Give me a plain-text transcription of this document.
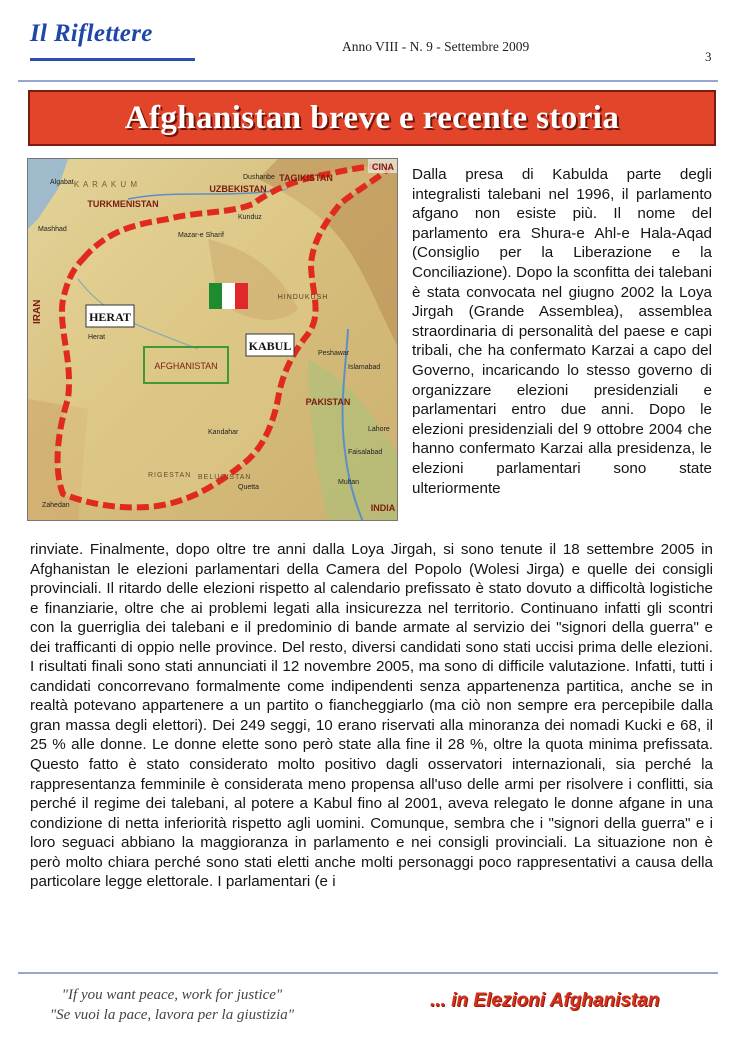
Il Riflettere	Anno VIII - N. 9 - Settembre 2009
3
Afghanistan breve e recente storia
HERAT
KABUL
AFGHANISTAN
CINA
TAGIKISTAN
UZBEKISTAN
TURKMENISTAN
K A R A K U M
Algabat
Mashhad
IRAN
PAKISTAN
INDIA
HINDUKUSH
Lahore
Kandahar
Zahedan
Faisalabad
Multan
Dushanbe
Islamabad
Peshawar
Quetta
RIGESTAN BELUCISTAN
Kunduz
Herat
Mazar-e Sharif

Dalla presa di Kabulda parte degli integralisti talebani nel 1996, il parlamento afgano non esiste più. Il nome del parlamento era Shura-e Ahl-e Hala-Aqad (Consiglio per la Liberazione e la Conciliazione). Dopo la sconfitta dei talebani è stata convocata nel giugno 2002 la Loya Jirgah (Grande Assemblea), assemblea straordinaria di personalità del paese e capi tribali, che ha confermato Karzai a capo del Governo, incaricando lo stesso governo di organizzare elezioni presidenziali e parlamentari entro due anni. Dopo le elezioni presidenziali del 9 ottobre 2004 che hanno confermato Karzai alla presidenza, le elezioni parlamentari sono state ulteriormente

rinviate. Finalmente, dopo oltre tre anni dalla Loya Jirgah, si sono tenute il 18 settembre 2005 in Afghanistan le elezioni parlamentari della Camera del Popolo (Wolesi Jirga) e quelle dei consigli provinciali. Il ritardo delle elezioni rispetto al calendario prefissato è stato dovuto a difficoltà logistiche e finanziarie, oltre che ai problemi legati alla insicurezza nel territorio. Continuano infatti gli scontri con la guerriglia dei talebani e il predominio di bande armate al servizio dei "signori della guerra" e dei trafficanti di oppio nelle province. Del resto, diversi candidati sono stati uccisi prima delle elezioni. I risultati finali sono stati annunciati il 12 novembre 2005, ma sono di difficile valutazione. Infatti, tutti i candidati concorrevano formalmente come indipendenti senza appartenenza partitica, anche se in realtà potevano appartenere a un partito o fiancheggiarlo (ma ciò non sempre era percepibile dalla gran massa degli elettori). Dei 249 seggi, 10 erano riservati alla minoranza dei nomadi Kucki e 68, il 25 % alle donne. Le donne elette sono però state alla fine il 28 %, oltre la quota minima prefissata. Questo fatto è stato considerato molto positivo dagli osservatori internazionali, sia perché la rappresentanza femminile è considerata meno propensa all'uso delle armi per risolvere i conflitti, sia perché il regime dei talebani, al potere a Kabul fino al 2001, aveva relegato le donne afgane in una condizione di netta inferiorità rispetto agli uomini. Comunque, sembra che i "signori della guerra" e i loro seguaci abbiano la maggioranza in parlamento e nei consigli provinciali. La situazione non è però molto chiara perché sono stati eletti anche molti personaggi poco rappresentativi a causa della particolare legge elettorale. I parlamentari (e i

"If you want peace, work for justice"
"Se vuoi la pace, lavora per la giustizia"
... in Elezioni Afghanistan
